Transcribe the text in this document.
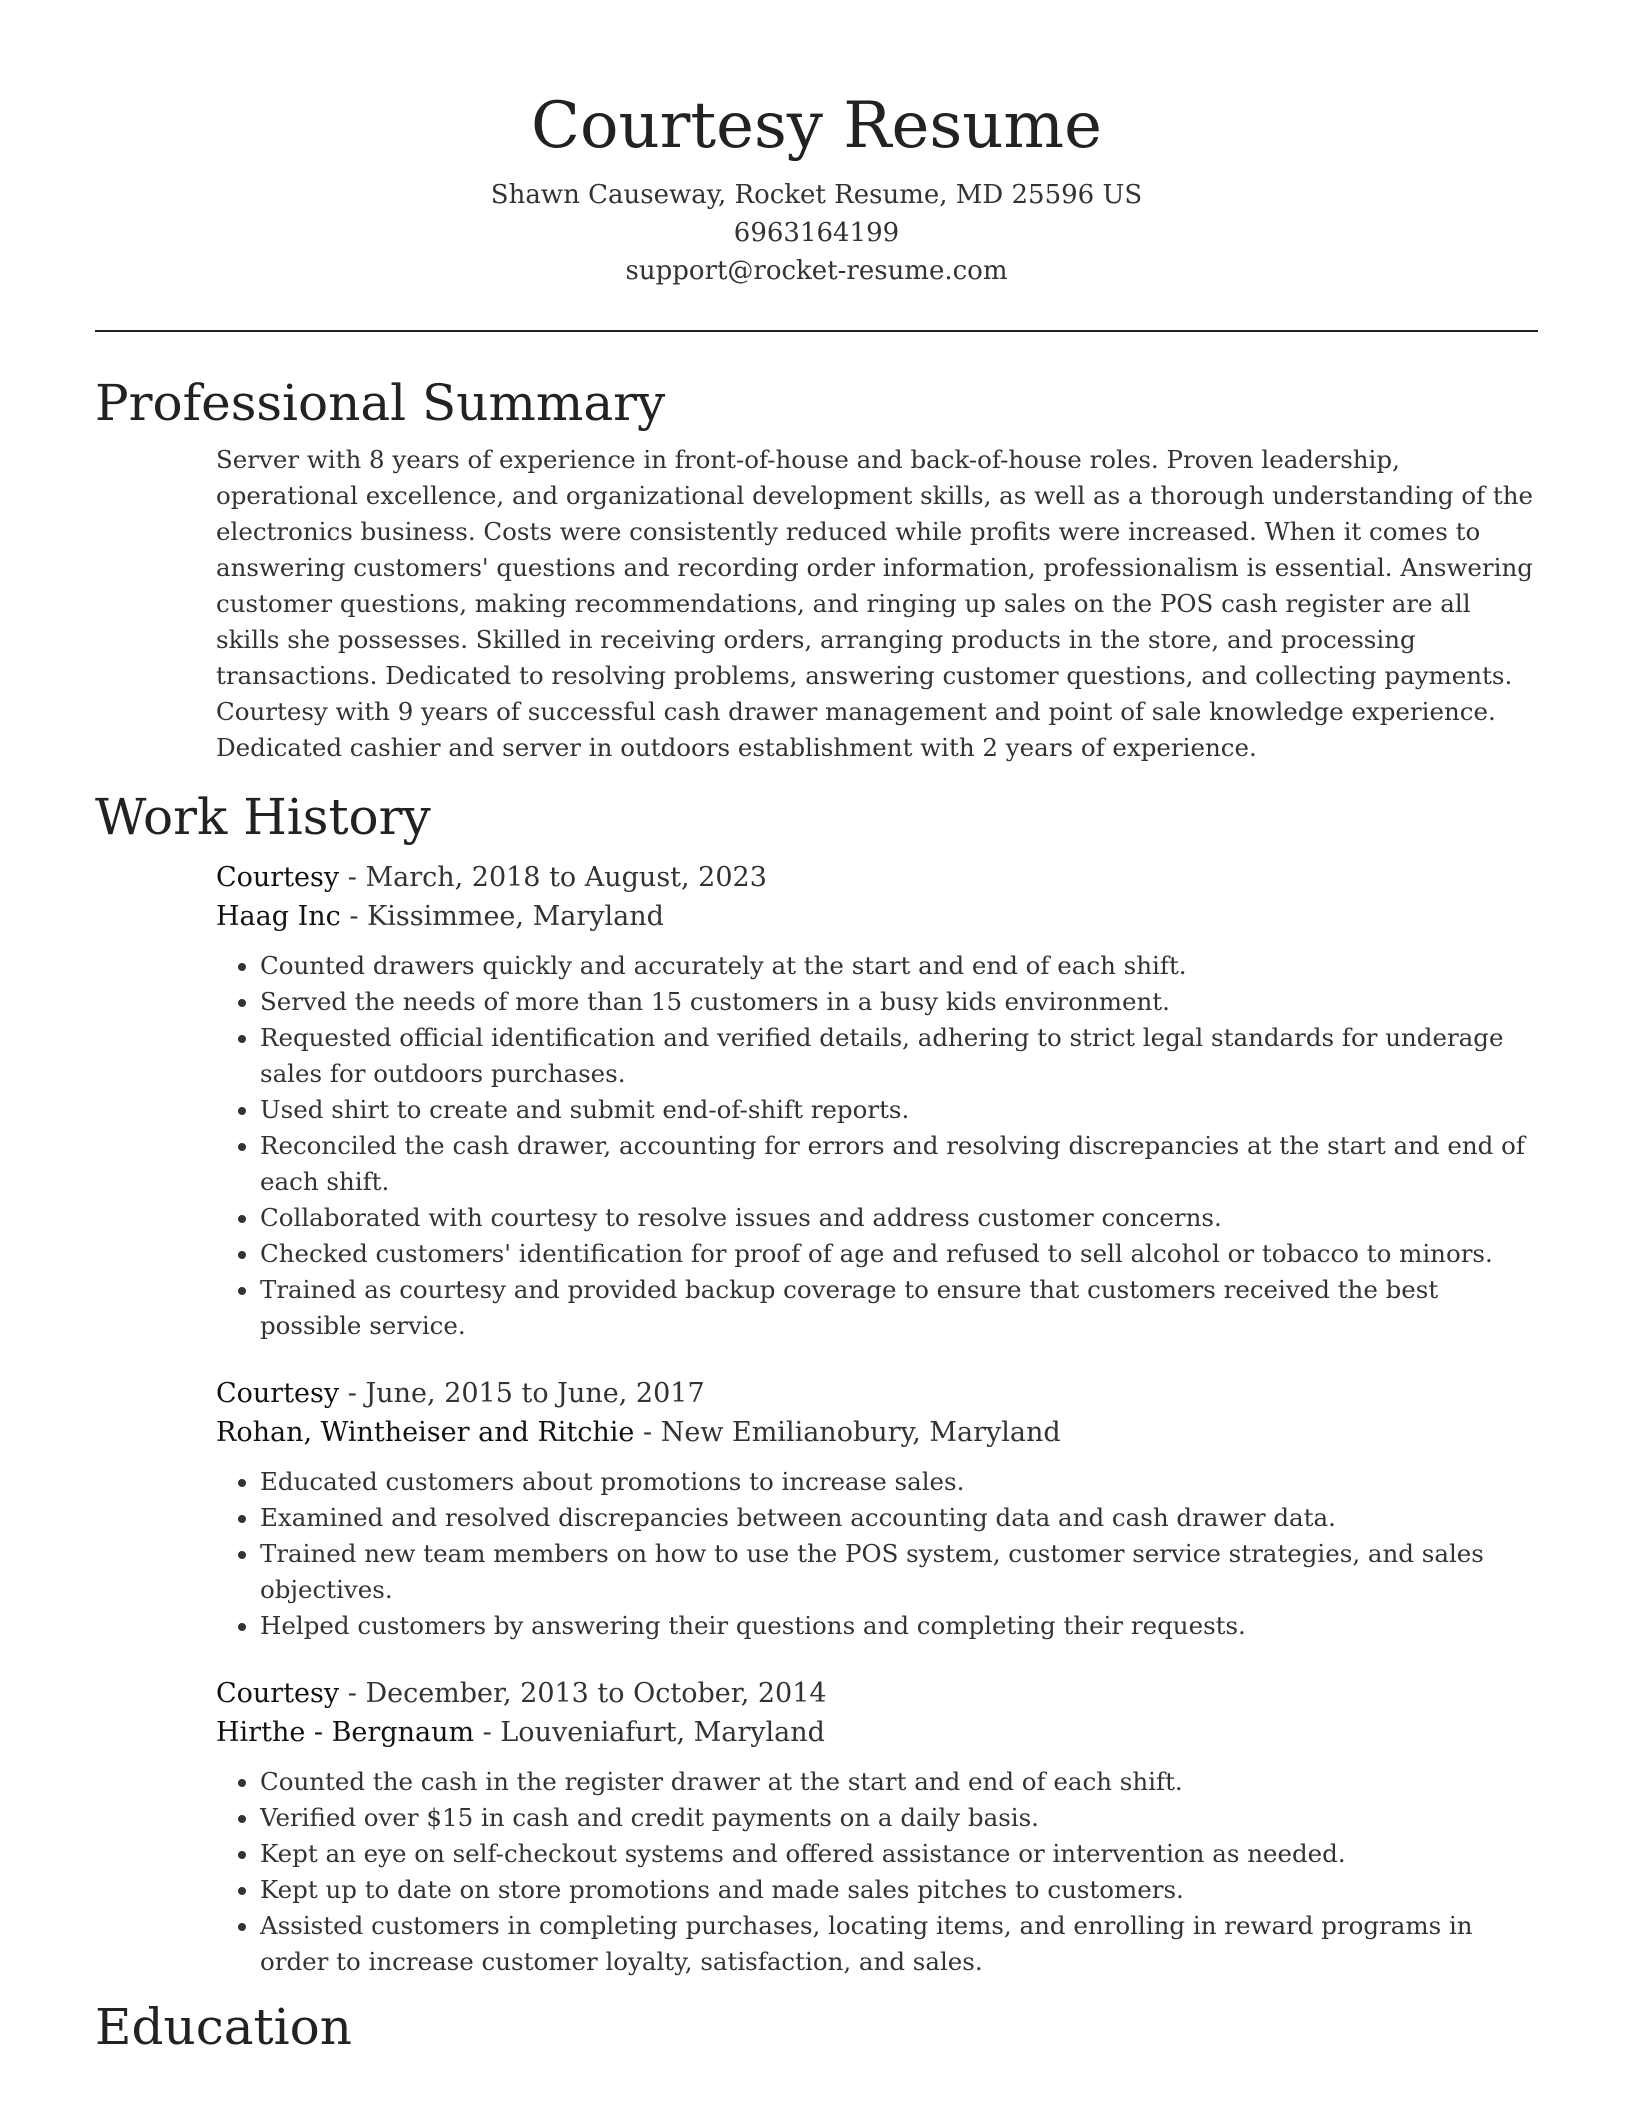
Courtesy Resume
Shawn Causeway, Rocket Resume, MD 25596 US
6963164199
support@rocket-resume.com
Professional Summary

Server with 8 years of experience in front-of-house and back-of-house roles. Proven leadership, operational excellence, and organizational development skills, as well as a thorough understanding of the electronics business. Costs were consistently reduced while profits were increased. When it comes to answering customers' questions and recording order information, professionalism is essential. Answering customer questions, making recommendations, and ringing up sales on the POS cash register are all skills she possesses. Skilled in receiving orders, arranging products in the store, and processing transactions. Dedicated to resolving problems, answering customer questions, and collecting payments. Courtesy with 9 years of successful cash drawer management and point of sale knowledge experience. Dedicated cashier and server in outdoors establishment with 2 years of experience.

Work History
Courtesy - March, 2018 to August, 2023
Haag Inc - Kissimmee, Maryland
• Counted drawers quickly and accurately at the start and end of each shift.
• Served the needs of more than 15 customers in a busy kids environment.
• Requested official identification and verified details, adhering to strict legal standards for underage sales for outdoors purchases.
• Used shirt to create and submit end-of-shift reports.
• Reconciled the cash drawer, accounting for errors and resolving discrepancies at the start and end of each shift.
• Collaborated with courtesy to resolve issues and address customer concerns.
• Checked customers' identification for proof of age and refused to sell alcohol or tobacco to minors.
• Trained as courtesy and provided backup coverage to ensure that customers received the best possible service.
Courtesy - June, 2015 to June, 2017
Rohan, Wintheiser and Ritchie - New Emilianobury, Maryland
• Educated customers about promotions to increase sales.
• Examined and resolved discrepancies between accounting data and cash drawer data.
• Trained new team members on how to use the POS system, customer service strategies, and sales objectives.
• Helped customers by answering their questions and completing their requests.
Courtesy - December, 2013 to October, 2014
Hirthe - Bergnaum - Louveniafurt, Maryland
• Counted the cash in the register drawer at the start and end of each shift.
• Verified over $15 in cash and credit payments on a daily basis.
• Kept an eye on self-checkout systems and offered assistance or intervention as needed.
• Kept up to date on store promotions and made sales pitches to customers.
• Assisted customers in completing purchases, locating items, and enrolling in reward programs in order to increase customer loyalty, satisfaction, and sales.
Education
